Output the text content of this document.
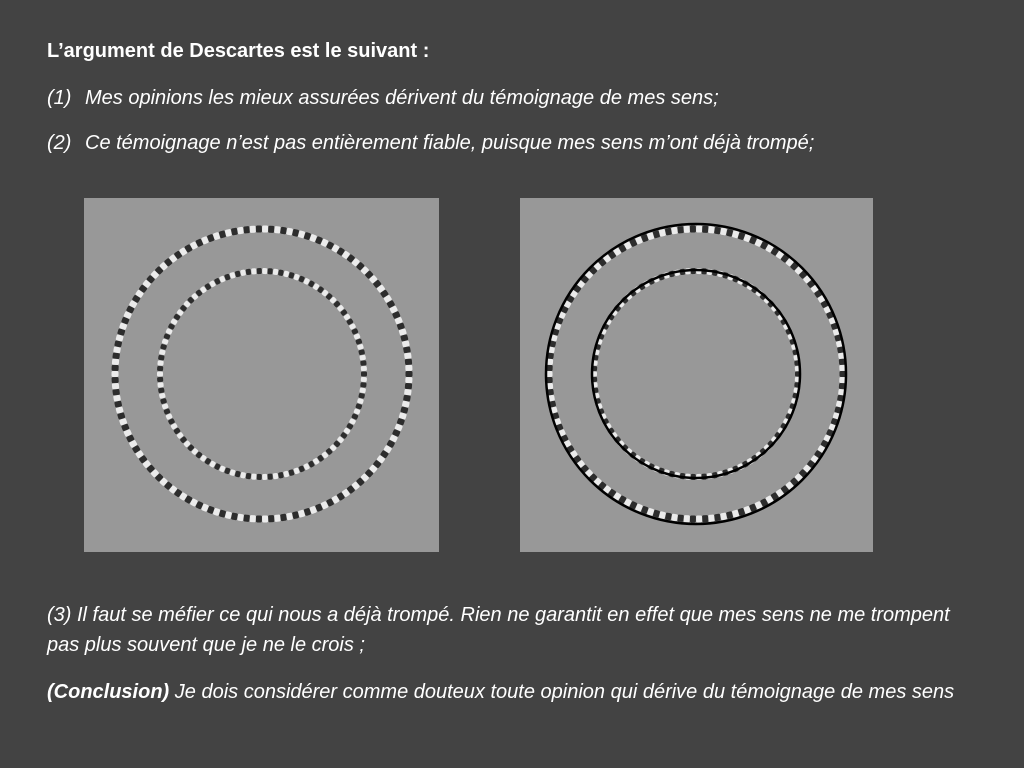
L’argument de Descartes est le suivant :
(1) Mes opinions les mieux assurées dérivent du témoignage de mes sens;
(2) Ce témoignage n’est pas entièrement fiable, puisque mes sens m’ont déjà trompé;
(3) Il faut se méfier ce qui nous a déjà trompé. Rien ne garantit en effet que mes sens ne me trompent pas plus souvent que je ne le crois ;
(Conclusion) Je dois considérer comme douteux toute opinion qui dérive du témoignage de mes sens
